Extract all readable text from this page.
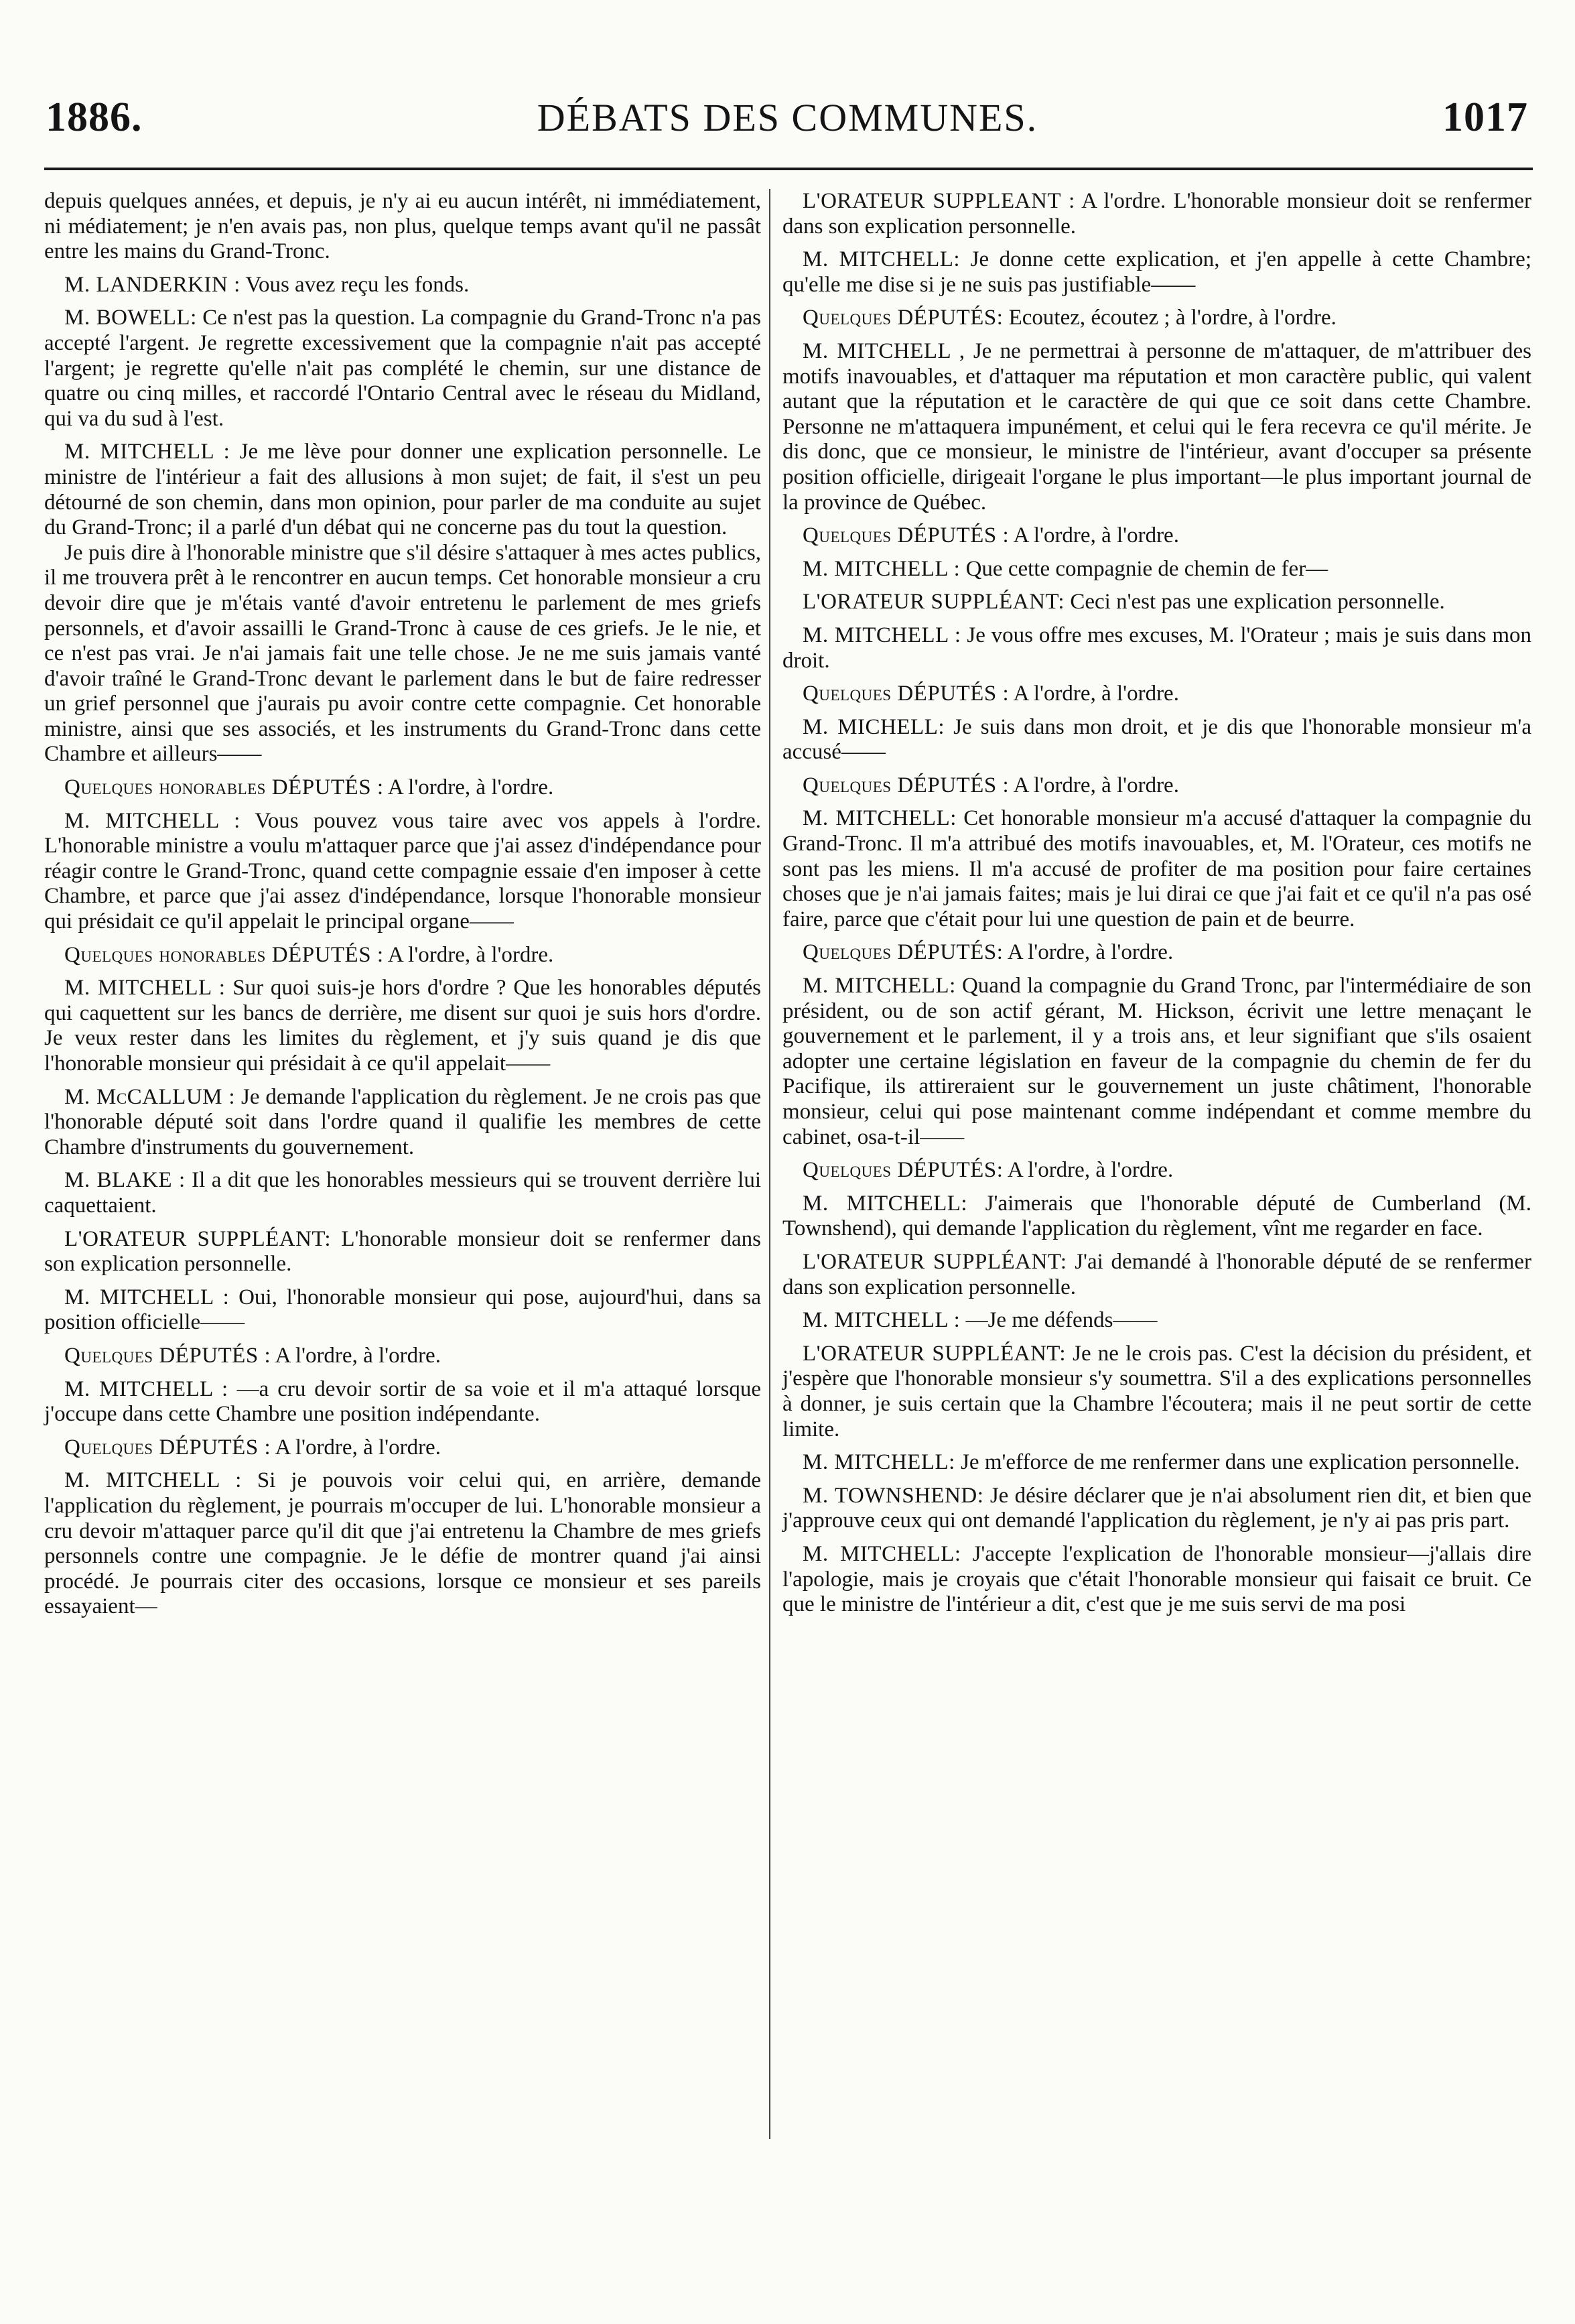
1886.	DÉBATS DES COMMUNES.	1017

depuis quelques années, et depuis, je n'y ai eu aucun intérêt, ni immédiatement, ni médiatement; je n'en avais pas, non plus, quelque temps avant qu'il ne passât entre les mains du Grand-Tronc.

M. LANDERKIN : Vous avez reçu les fonds.

M. BOWELL: Ce n'est pas la question. La compagnie du Grand-Tronc n'a pas accepté l'argent. Je regrette excessivement que la compagnie n'ait pas accepté l'argent; je regrette qu'elle n'ait pas complété le chemin, sur une distance de quatre ou cinq milles, et raccordé l'Ontario Central avec le réseau du Midland, qui va du sud à l'est.

M. MITCHELL : Je me lève pour donner une explication personnelle. Le ministre de l'intérieur a fait des allusions à mon sujet; de fait, il s'est un peu détourné de son chemin, dans mon opinion, pour parler de ma conduite au sujet du Grand-Tronc; il a parlé d'un débat qui ne concerne pas du tout la question.

Je puis dire à l'honorable ministre que s'il désire s'attaquer à mes actes publics, il me trouvera prêt à le rencontrer en aucun temps. Cet honorable monsieur a cru devoir dire que je m'étais vanté d'avoir entretenu le parlement de mes griefs personnels, et d'avoir assailli le Grand-Tronc à cause de ces griefs. Je le nie, et ce n'est pas vrai. Je n'ai jamais fait une telle chose. Je ne me suis jamais vanté d'avoir traîné le Grand-Tronc devant le parlement dans le but de faire redresser un grief personnel que j'aurais pu avoir contre cette compagnie. Cet honorable ministre, ainsi que ses associés, et les instruments du Grand-Tronc dans cette Chambre et ailleurs——

Quelques honorables DÉPUTÉS : A l'ordre, à l'ordre.

M. MITCHELL : Vous pouvez vous taire avec vos appels à l'ordre. L'honorable ministre a voulu m'attaquer parce que j'ai assez d'indépendance pour réagir contre le Grand-Tronc, quand cette compagnie essaie d'en imposer à cette Chambre, et parce que j'ai assez d'indépendance, lorsque l'honorable monsieur qui présidait ce qu'il appelait le principal organe——

Quelques honorables DÉPUTÉS : A l'ordre, à l'ordre.

M. MITCHELL : Sur quoi suis-je hors d'ordre ? Que les honorables députés qui caquettent sur les bancs de derrière, me disent sur quoi je suis hors d'ordre. Je veux rester dans les limites du règlement, et j'y suis quand je dis que l'honorable monsieur qui présidait à ce qu'il appelait——

M. McCALLUM : Je demande l'application du règlement. Je ne crois pas que l'honorable député soit dans l'ordre quand il qualifie les membres de cette Chambre d'instruments du gouvernement.

M. BLAKE : Il a dit que les honorables messieurs qui se trouvent derrière lui caquettaient.

L'ORATEUR SUPPLÉANT: L'honorable monsieur doit se renfermer dans son explication personnelle.

M. MITCHELL : Oui, l'honorable monsieur qui pose, aujourd'hui, dans sa position officielle——

Quelques DÉPUTÉS : A l'ordre, à l'ordre.

M. MITCHELL : —a cru devoir sortir de sa voie et il m'a attaqué lorsque j'occupe dans cette Chambre une position indépendante.

Quelques DÉPUTÉS : A l'ordre, à l'ordre.

M. MITCHELL : Si je pouvois voir celui qui, en arrière, demande l'application du règlement, je pourrais m'occuper de lui. L'honorable monsieur a cru devoir m'attaquer parce qu'il dit que j'ai entretenu la Chambre de mes griefs personnels contre une compagnie. Je le défie de montrer quand j'ai ainsi procédé. Je pourrais citer des occasions, lorsque ce monsieur et ses pareils essayaient—

L'ORATEUR SUPPLEANT : A l'ordre. L'honorable monsieur doit se renfermer dans son explication personnelle.

M. MITCHELL: Je donne cette explication, et j'en appelle à cette Chambre; qu'elle me dise si je ne suis pas justifiable——

Quelques DÉPUTÉS: Ecoutez, écoutez ; à l'ordre, à l'ordre.

M. MITCHELL , Je ne permettrai à personne de m'attaquer, de m'attribuer des motifs inavouables, et d'attaquer ma réputation et mon caractère public, qui valent autant que la réputation et le caractère de qui que ce soit dans cette Chambre. Personne ne m'attaquera impunément, et celui qui le fera recevra ce qu'il mérite. Je dis donc, que ce monsieur, le ministre de l'intérieur, avant d'occuper sa présente position officielle, dirigeait l'organe le plus important—le plus important journal de la province de Québec.

Quelques DÉPUTÉS : A l'ordre, à l'ordre.

M. MITCHELL : Que cette compagnie de chemin de fer—

L'ORATEUR SUPPLÉANT: Ceci n'est pas une explication personnelle.

M. MITCHELL : Je vous offre mes excuses, M. l'Orateur ; mais je suis dans mon droit.

Quelques DÉPUTÉS : A l'ordre, à l'ordre.

M. MICHELL: Je suis dans mon droit, et je dis que l'honorable monsieur m'a accusé——

Quelques DÉPUTÉS : A l'ordre, à l'ordre.

M. MITCHELL: Cet honorable monsieur m'a accusé d'attaquer la compagnie du Grand-Tronc. Il m'a attribué des motifs inavouables, et, M. l'Orateur, ces motifs ne sont pas les miens. Il m'a accusé de profiter de ma position pour faire certaines choses que je n'ai jamais faites; mais je lui dirai ce que j'ai fait et ce qu'il n'a pas osé faire, parce que c'était pour lui une question de pain et de beurre.

Quelques DÉPUTÉS: A l'ordre, à l'ordre.

M. MITCHELL: Quand la compagnie du Grand Tronc, par l'intermédiaire de son président, ou de son actif gérant, M. Hickson, écrivit une lettre menaçant le gouvernement et le parlement, il y a trois ans, et leur signifiant que s'ils osaient adopter une certaine législation en faveur de la compagnie du chemin de fer du Pacifique, ils attireraient sur le gouvernement un juste châtiment, l'honorable monsieur, celui qui pose maintenant comme indépendant et comme membre du cabinet, osa-t-il——

Quelques DÉPUTÉS: A l'ordre, à l'ordre.

M. MITCHELL: J'aimerais que l'honorable député de Cumberland (M. Townshend), qui demande l'application du règlement, vînt me regarder en face.

L'ORATEUR SUPPLÉANT: J'ai demandé à l'honorable député de se renfermer dans son explication personnelle.

M. MITCHELL : —Je me défends——

L'ORATEUR SUPPLÉANT: Je ne le crois pas. C'est la décision du président, et j'espère que l'honorable monsieur s'y soumettra. S'il a des explications personnelles à donner, je suis certain que la Chambre l'écoutera; mais il ne peut sortir de cette limite.

M. MITCHELL: Je m'efforce de me renfermer dans une explication personnelle.

M. TOWNSHEND: Je désire déclarer que je n'ai absolument rien dit, et bien que j'approuve ceux qui ont demandé l'application du règlement, je n'y ai pas pris part.

M. MITCHELL: J'accepte l'explication de l'honorable monsieur—j'allais dire l'apologie, mais je croyais que c'était l'honorable monsieur qui faisait ce bruit. Ce que le ministre de l'intérieur a dit, c'est que je me suis servi de ma posi
